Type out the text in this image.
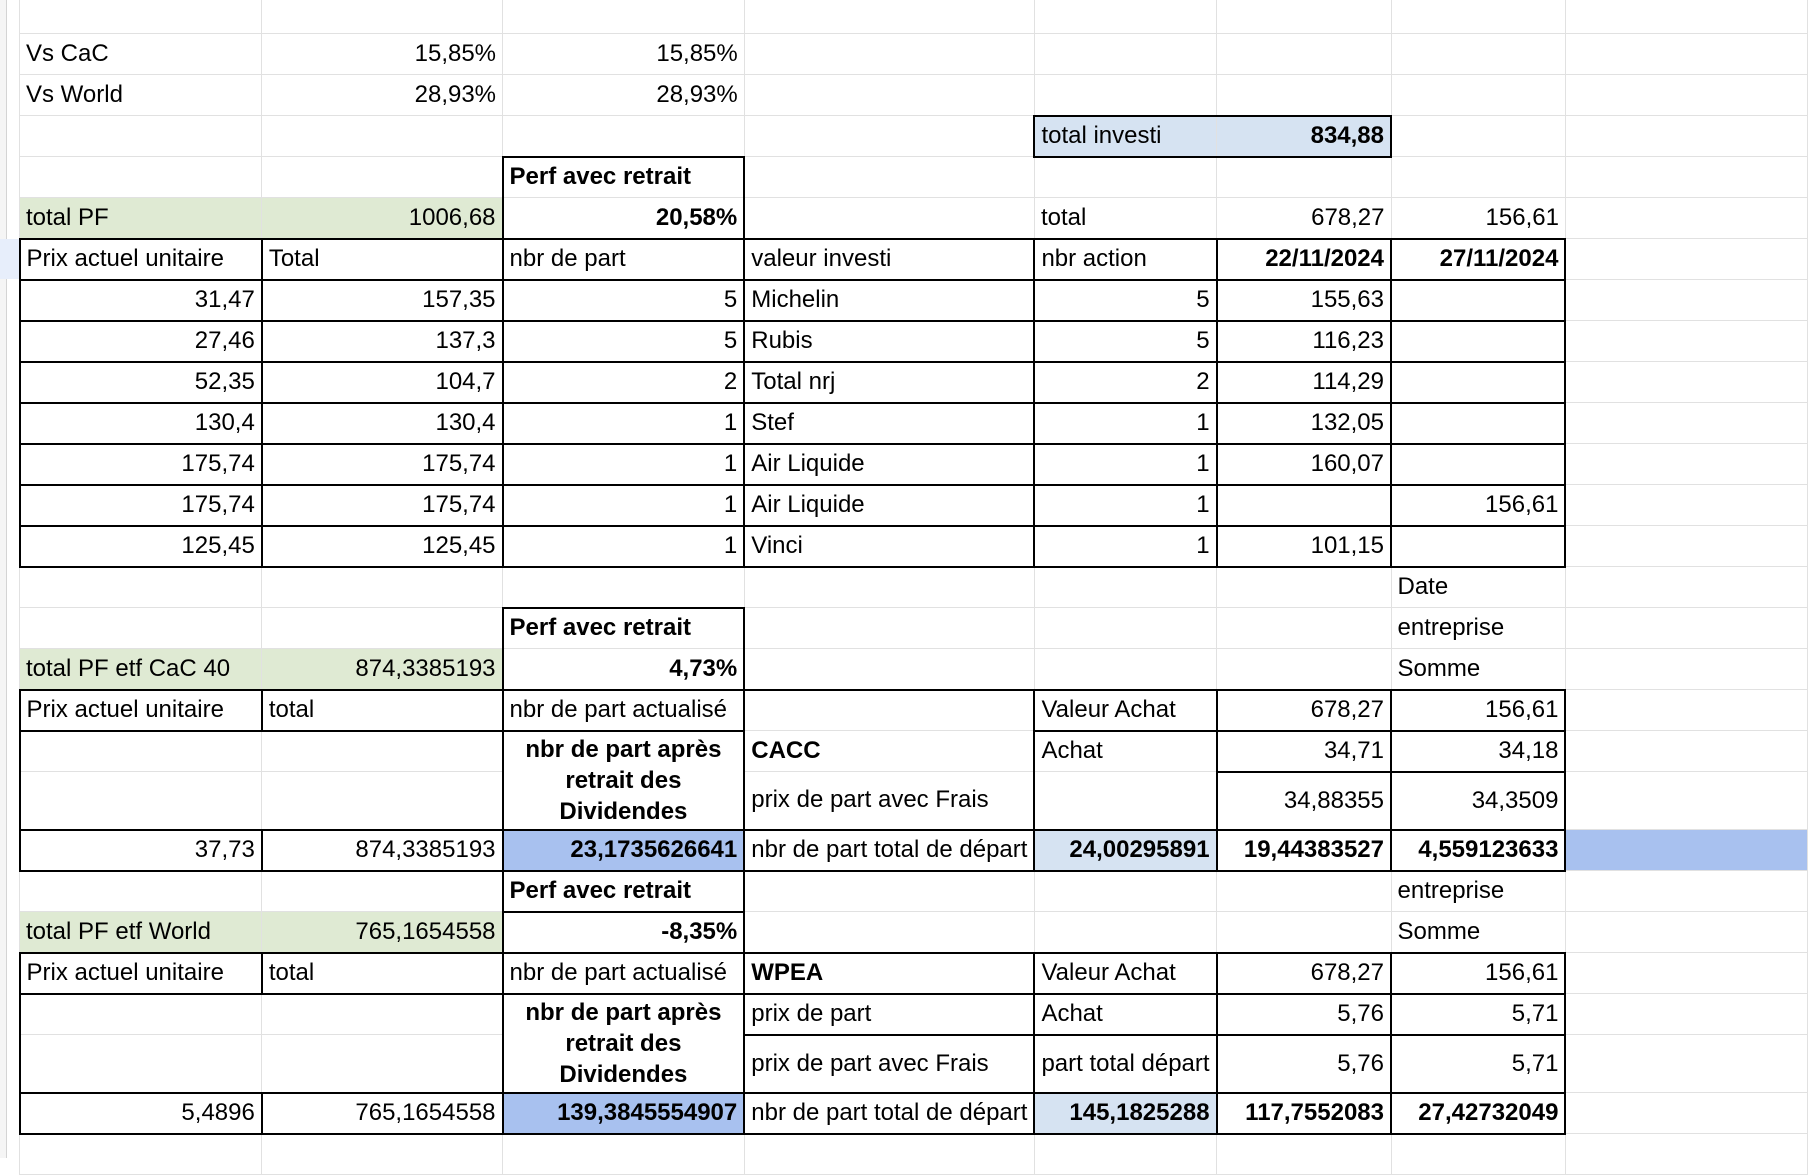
	Vs CaC	15,85%	15,85%					
	Vs World	28,93%	28,93%					
					total investi	834,88		
			Perf avec retrait					
	total PF	1006,68	20,58%		total	678,27	156,61	
	Prix actuel unitaire	Total	nbr de part	valeur investi	nbr action	22/11/2024	27/11/2024	
	31,47	157,35	5	Michelin	5	155,63		
	27,46	137,3	5	Rubis	5	116,23		
	52,35	104,7	2	Total nrj	2	114,29		
	130,4	130,4	1	Stef	1	132,05		
	175,74	175,74	1	Air Liquide	1	160,07		
	175,74	175,74	1	Air Liquide	1		156,61	
	125,45	125,45	1	Vinci	1	101,15		
							Date	
			Perf avec retrait				entreprise	
	total PF etf CaC 40	874,3385193	4,73%				Somme	
	Prix actuel unitaire	total	nbr de part actualisé		Valeur Achat	678,27	156,61	
			nbr de part après retrait des Dividendes	CACC	Achat	34,71	34,18	
				prix de part avec Frais		34,88355	34,3509	
	37,73	874,3385193	23,1735626641	nbr de part total de départ	24,00295891	19,44383527	4,559123633	
			Perf avec retrait				entreprise	
	total PF etf World	765,1654558	-8,35%				Somme	
	Prix actuel unitaire	total	nbr de part actualisé	WPEA	Valeur Achat	678,27	156,61	
			nbr de part après retrait des Dividendes	prix de part	Achat	5,76	5,71	
				prix de part avec Frais	part total départ	5,76	5,71	
	5,4896	765,1654558	139,3845554907	nbr de part total de départ	145,1825288	117,7552083	27,42732049	
